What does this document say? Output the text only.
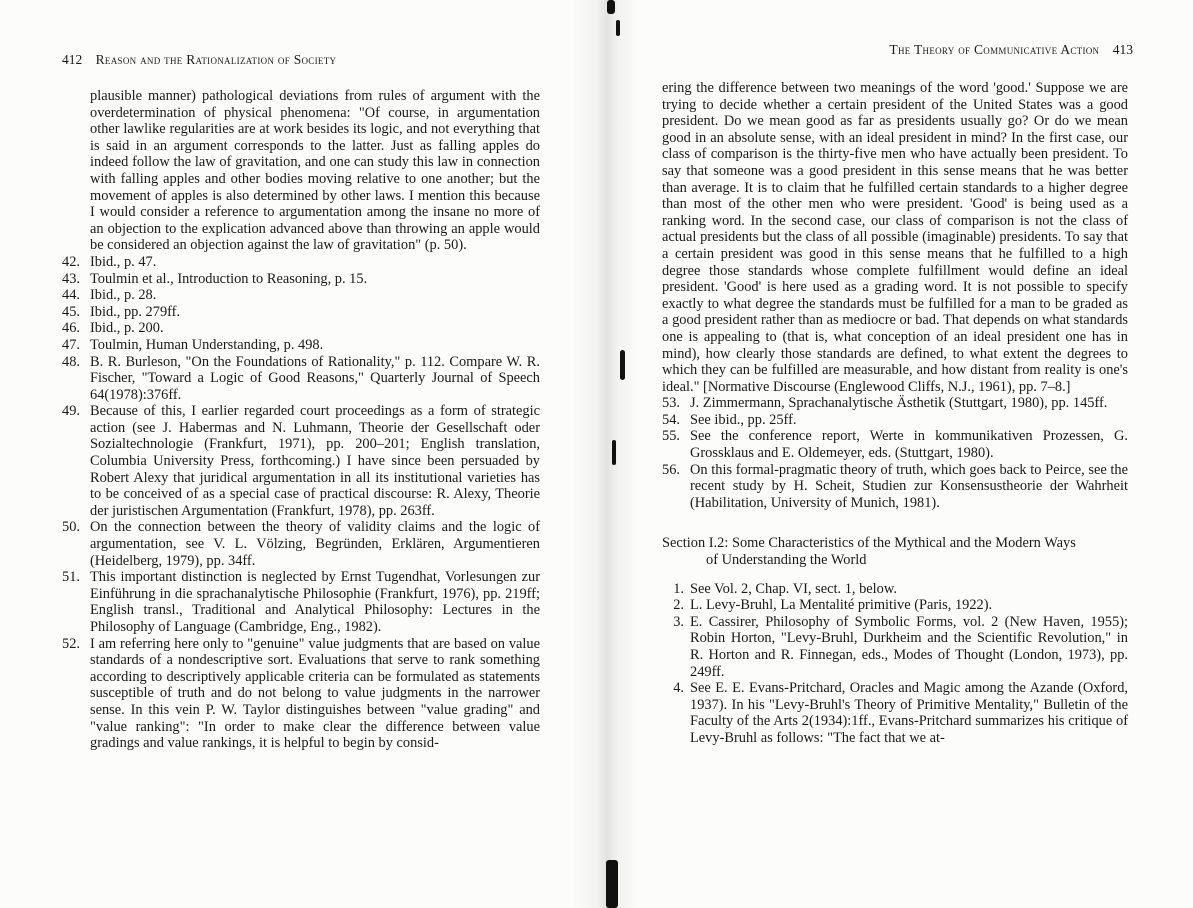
412 Reason and the Rationalization of Society
The Theory of Communicative Action 413

plausible manner) pathological deviations from rules of argument with the overdetermination of physical phenomena: "Of course, in argumentation other lawlike regularities are at work besides its logic, and not everything that is said in an argument corresponds to the latter. Just as falling apples do indeed follow the law of gravitation, and one can study this law in connection with falling apples and other bodies moving relative to one another; but the movement of apples is also determined by other laws. I mention this because I would consider a reference to argumentation among the insane no more of an objection to the explication advanced above than throwing an apple would be considered an objection against the law of gravitation" (p. 50).

42. Ibid., p. 47.
43. Toulmin et al., Introduction to Reasoning, p. 15.
44. Ibid., p. 28.
45. Ibid., pp. 279ff.
46. Ibid., p. 200.
47. Toulmin, Human Understanding, p. 498.
48. B. R. Burleson, "On the Foundations of Rationality," p. 112. Compare W. R. Fischer, "Toward a Logic of Good Reasons," Quarterly Journal of Speech 64(1978):376ff.
49. Because of this, I earlier regarded court proceedings as a form of strategic action (see J. Habermas and N. Luhmann, Theorie der Gesellschaft oder Sozialtechnologie (Frankfurt, 1971), pp. 200–201; English translation, Columbia University Press, forthcoming.) I have since been persuaded by Robert Alexy that juridical argumentation in all its institutional varieties has to be conceived of as a special case of practical discourse: R. Alexy, Theorie der juristischen Argumentation (Frankfurt, 1978), pp. 263ff.
50. On the connection between the theory of validity claims and the logic of argumentation, see V. L. Völzing, Begründen, Erklären, Argumentieren (Heidelberg, 1979), pp. 34ff.
51. This important distinction is neglected by Ernst Tugendhat, Vorlesungen zur Einführung in die sprachanalytische Philosophie (Frankfurt, 1976), pp. 219ff; English transl., Traditional and Analytical Philosophy: Lectures in the Philosophy of Language (Cambridge, Eng., 1982).
52. I am referring here only to "genuine" value judgments that are based on value standards of a nondescriptive sort. Evaluations that serve to rank something according to descriptively applicable criteria can be formulated as statements susceptible of truth and do not belong to value judgments in the narrower sense. In this vein P. W. Taylor distinguishes between "value grading" and "value ranking": "In order to make clear the difference between value gradings and value rankings, it is helpful to begin by consid-

ering the difference between two meanings of the word 'good.' Suppose we are trying to decide whether a certain president of the United States was a good president. Do we mean good as far as presidents usually go? Or do we mean good in an absolute sense, with an ideal president in mind? In the first case, our class of comparison is the thirty-five men who have actually been president. To say that someone was a good president in this sense means that he was better than average. It is to claim that he fulfilled certain standards to a higher degree than most of the other men who were president. 'Good' is being used as a ranking word. In the second case, our class of comparison is not the class of actual presidents but the class of all possible (imaginable) presidents. To say that a certain president was good in this sense means that he fulfilled to a high degree those standards whose complete fulfillment would define an ideal president. 'Good' is here used as a grading word. It is not possible to specify exactly to what degree the standards must be fulfilled for a man to be graded as a good president rather than as mediocre or bad. That depends on what standards one is appealing to (that is, what conception of an ideal president one has in mind), how clearly those standards are defined, to what extent the degrees to which they can be fulfilled are measurable, and how distant from reality is one's ideal." [Normative Discourse (Englewood Cliffs, N.J., 1961), pp. 7–8.]

53. J. Zimmermann, Sprachanalytische Ästhetik (Stuttgart, 1980), pp. 145ff.
54. See ibid., pp. 25ff.
55. See the conference report, Werte in kommunikativen Prozessen, G. Grossklaus and E. Oldemeyer, eds. (Stuttgart, 1980).
56. On this formal-pragmatic theory of truth, which goes back to Peirce, see the recent study by H. Scheit, Studien zur Konsensustheorie der Wahrheit (Habilitation, University of Munich, 1981).
Section I.2: Some Characteristics of the Mythical and the Modern Ways
of Understanding the World
1. See Vol. 2, Chap. VI, sect. 1, below.
2. L. Levy-Bruhl, La Mentalité primitive (Paris, 1922).
3. E. Cassirer, Philosophy of Symbolic Forms, vol. 2 (New Haven, 1955); Robin Horton, "Levy-Bruhl, Durkheim and the Scientific Revolution," in R. Horton and R. Finnegan, eds., Modes of Thought (London, 1973), pp. 249ff.
4. See E. E. Evans-Pritchard, Oracles and Magic among the Azande (Oxford, 1937). In his "Levy-Bruhl's Theory of Primitive Mentality," Bulletin of the Faculty of the Arts 2(1934):1ff., Evans-Pritchard summarizes his critique of Levy-Bruhl as follows: "The fact that we at-
